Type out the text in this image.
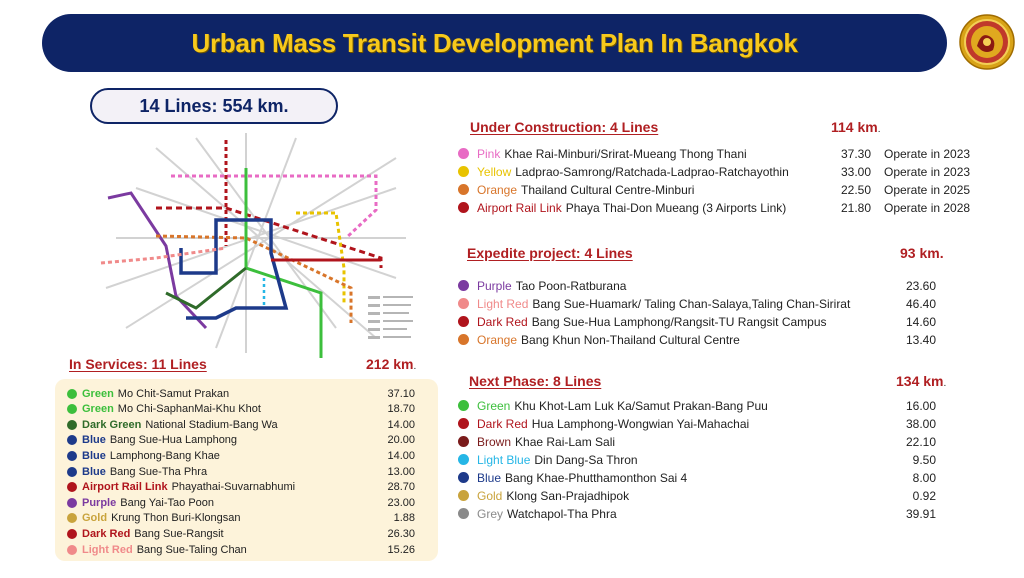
Urban Mass Transit Development Plan In Bangkok
14 Lines: 554 km.
Under Construction: 4 Lines	114 km.
Pink Khae Rai-Minburi/Srirat-Mueang Thong Thani	37.30 Operate in 2023
Yellow Ladprao-Samrong/Ratchada-Ladprao-Ratchayothin	33.00 Operate in 2023
Orange Thailand Cultural Centre-Minburi	22.50 Operate in 2025
Airport Rail Link Phaya Thai-Don Mueang (3 Airports Link)	21.80 Operate in 2028
Expedite project: 4 Lines	93 km.
Purple Tao Poon-Ratburana	23.60
Light Red Bang Sue-Huamark/ Taling Chan-Salaya,Taling Chan-Sirirat	46.40
Dark Red Bang Sue-Hua Lamphong/Rangsit-TU Rangsit Campus	14.60
Orange Bang Khun Non-Thailand Cultural Centre	13.40
Next Phase: 8 Lines	134 km.
Green Khu Khot-Lam Luk Ka/Samut Prakan-Bang Puu	16.00
Dark Red Hua Lamphong-Wongwian Yai-Mahachai	38.00
Brown Khae Rai-Lam Sali	22.10
Light Blue Din Dang-Sa Thron	9.50
Blue Bang Khae-Phutthamonthon Sai 4	8.00
Gold Klong San-Prajadhipok	0.92
Grey Watchapol-Tha Phra	39.91
In Services: 11 Lines	212 km.
Green Mo Chit-Samut Prakan	37.10
Green Mo Chi-SaphanMai-Khu Khot	18.70
Dark Green National Stadium-Bang Wa	14.00
Blue Bang Sue-Hua Lamphong	20.00
Blue Lamphong-Bang Khae	14.00
Blue Bang Sue-Tha Phra	13.00
Airport Rail Link Phayathai-Suvarnabhumi	28.70
Purple Bang Yai-Tao Poon	23.00
Gold Krung Thon Buri-Klongsan	1.88
Dark Red Bang Sue-Rangsit	26.30
Light Red Bang Sue-Taling Chan	15.26
